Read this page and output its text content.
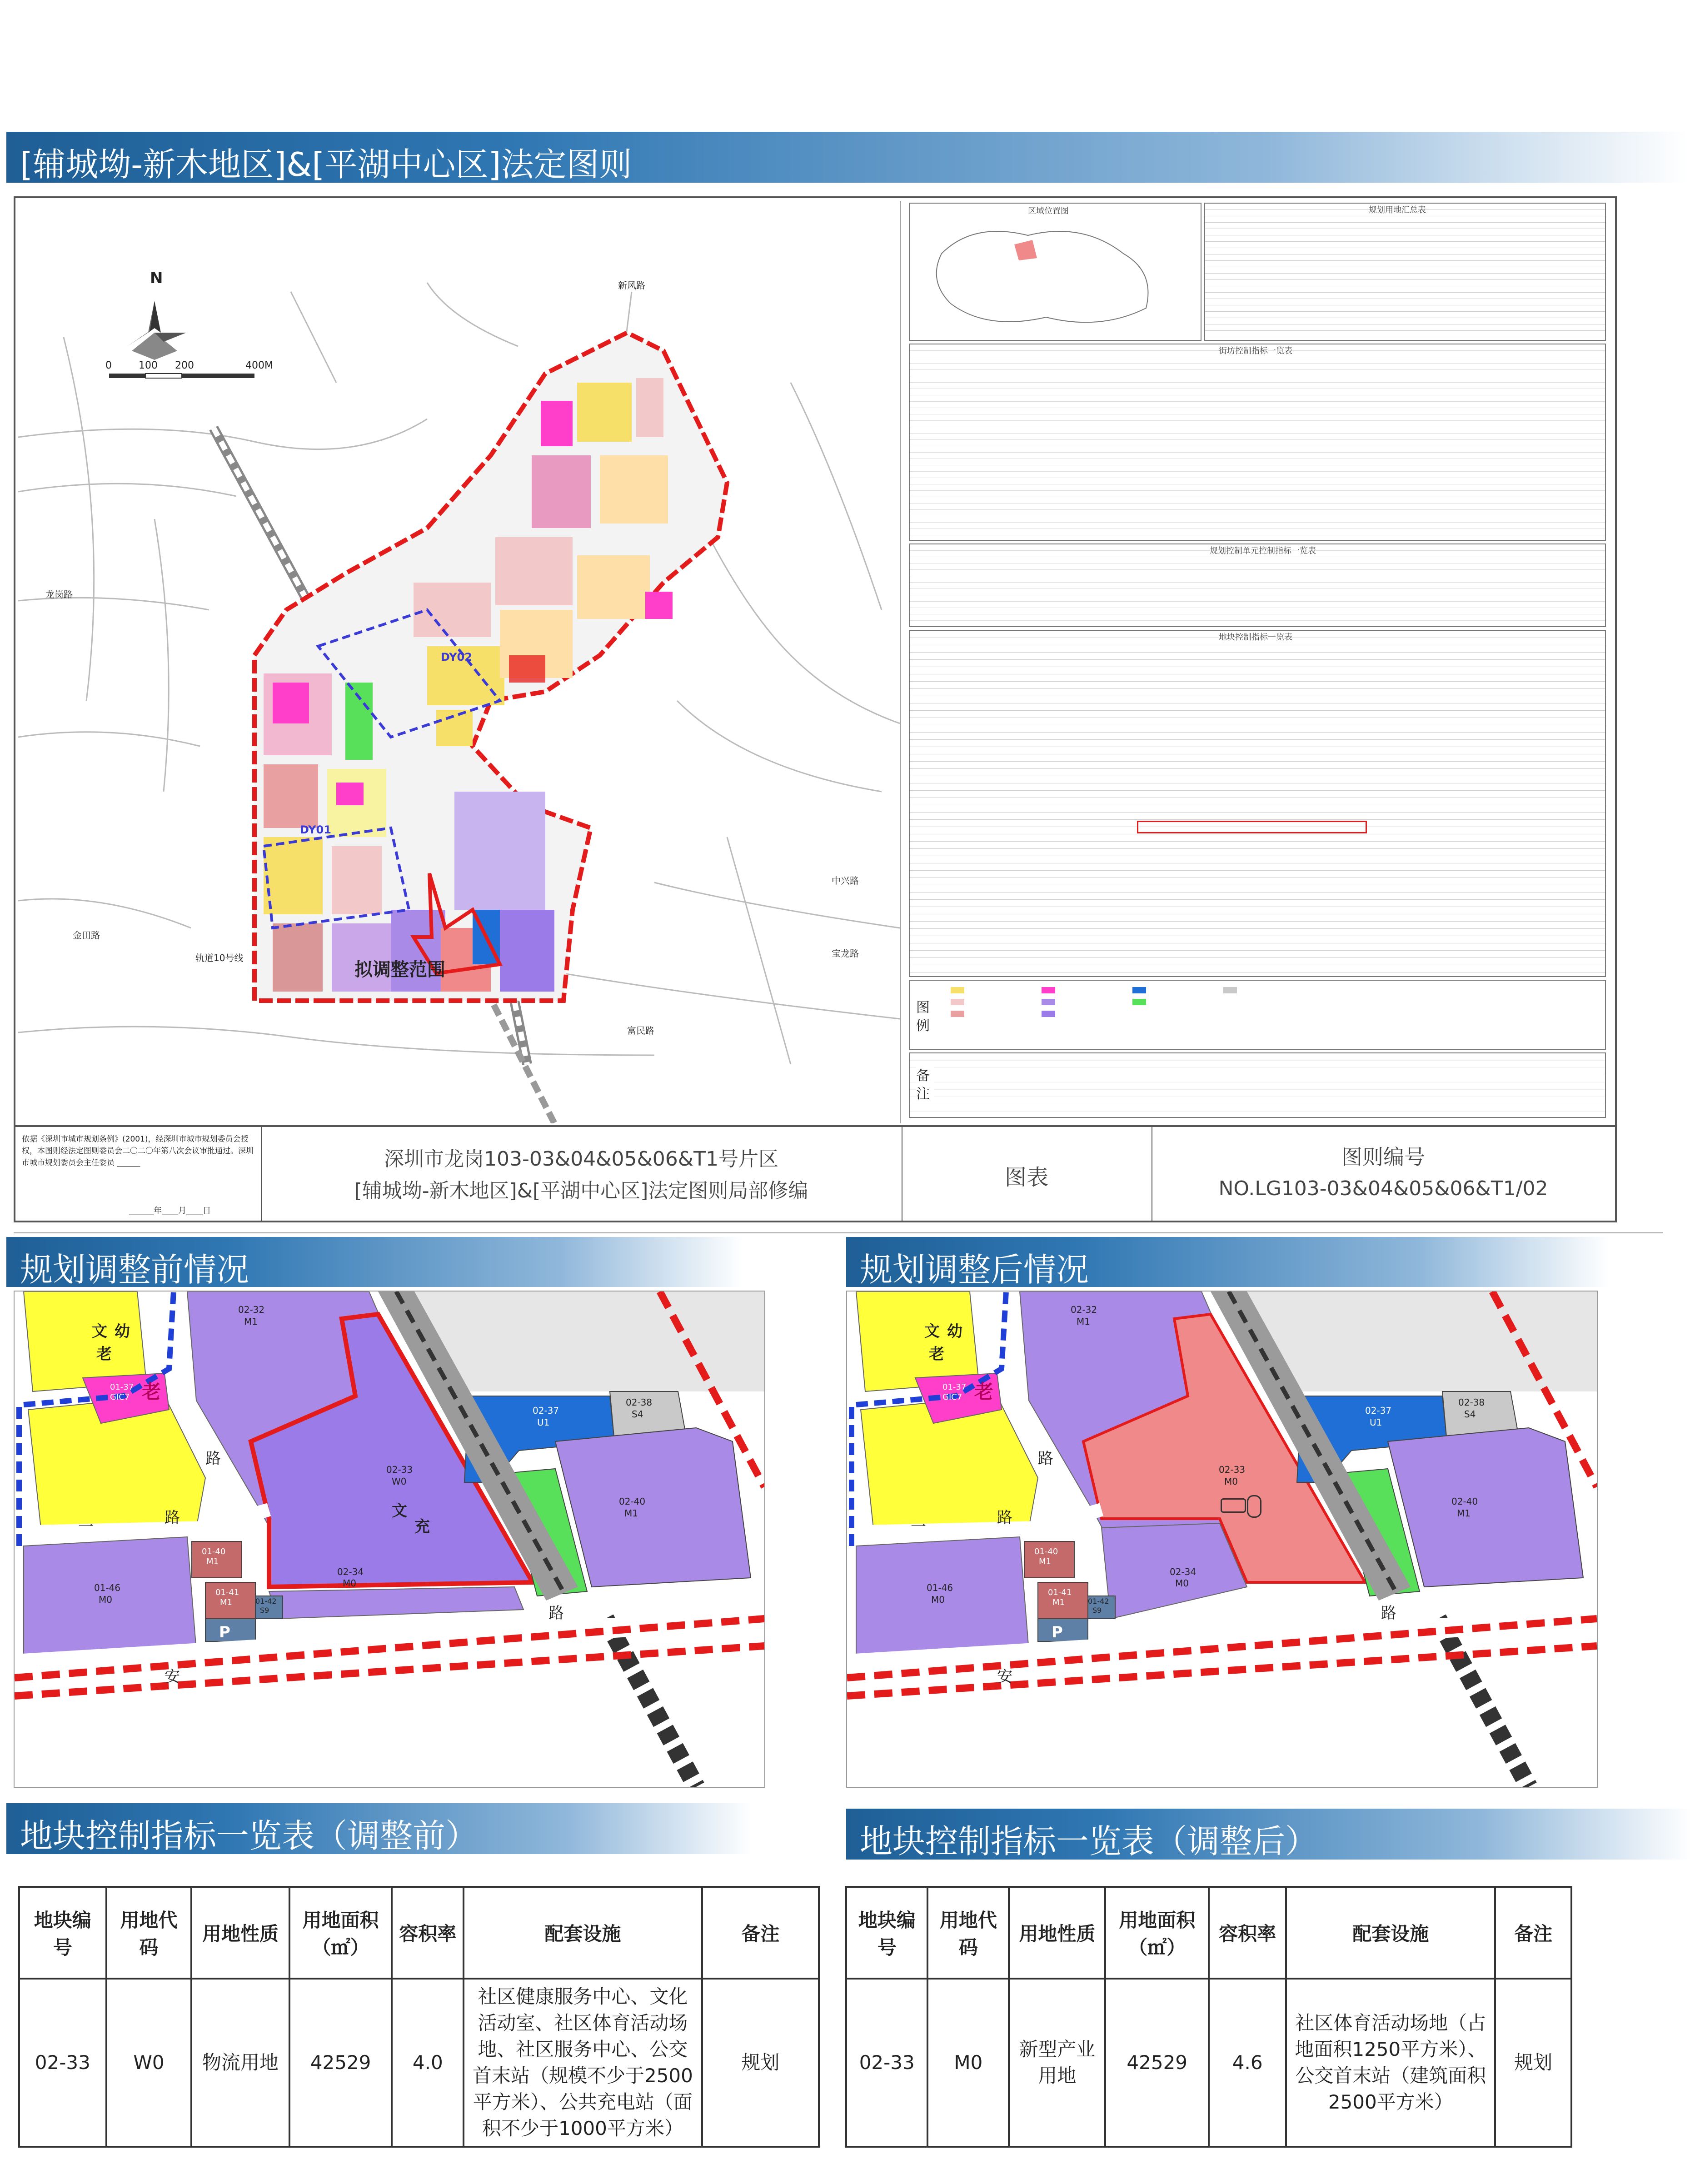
[辅城坳-新木地区]&[平湖中心区]法定图则
N
0	100 200	400M
新风路
龙岗路
金田路
中兴路
轨道10号线
富民路
宝龙路
DY02
DY01
拟调整范围
区域位置图	规划用地汇总表
街坊控制指标一览表
规划控制单元控制指标一览表
地块控制指标一览表
图 例
备 注
依据《深圳市城市规划条例》(2001)，经深圳市城市规划委员会授权，本图则经法定图则委员会二〇二〇年第八次会议审批通过。深圳市城市规划委员会主任委员 ______
______年____月____日
深圳市龙岗103-03&04&05&06&T1号片区
[辅城坳-新木地区]&[平湖中心区]法定图则局部修编
图表
图则编号
NO.LG103-03&04&05&06&T1/02
规划调整前情况	规划调整后情况
02-32
M1
01-37
GIC7
02-33
W0
02-34
M0
02-37
U1
02-38
S4
02-40
M1
01-40
M1
01-41
M1	01-42
S9
01-46
M0
幼
文
老
老
文
充
P
路
路
路
安
一
02-32
M1
01-37
GIC7
02-33
M0
02-34
M0
02-37
U1
02-38
S4
02-40
M1
01-40
M1
01-41
M1	01-42
S9
01-46
M0
幼
文
老
老
P
路
路
路
安
一
地块控制指标一览表（调整前）	地块控制指标一览表（调整后）
地块编号	用地代码	用地性质	用地面积（㎡）	容积率	配套设施	备注
02-33	W0	物流用地	42529	4.0	社区健康服务中心、文化活动室、社区体育活动场地、社区服务中心、公交首末站（规模不少于2500平方米）、公共充电站（面积不少于1000平方米）	规划
地块编号	用地代码	用地性质	用地面积（㎡）	容积率	配套设施	备注
02-33	M0	新型产业用地	42529	4.6	社区体育活动场地（占地面积1250平方米）、公交首末站（建筑面积2500平方米）	规划
